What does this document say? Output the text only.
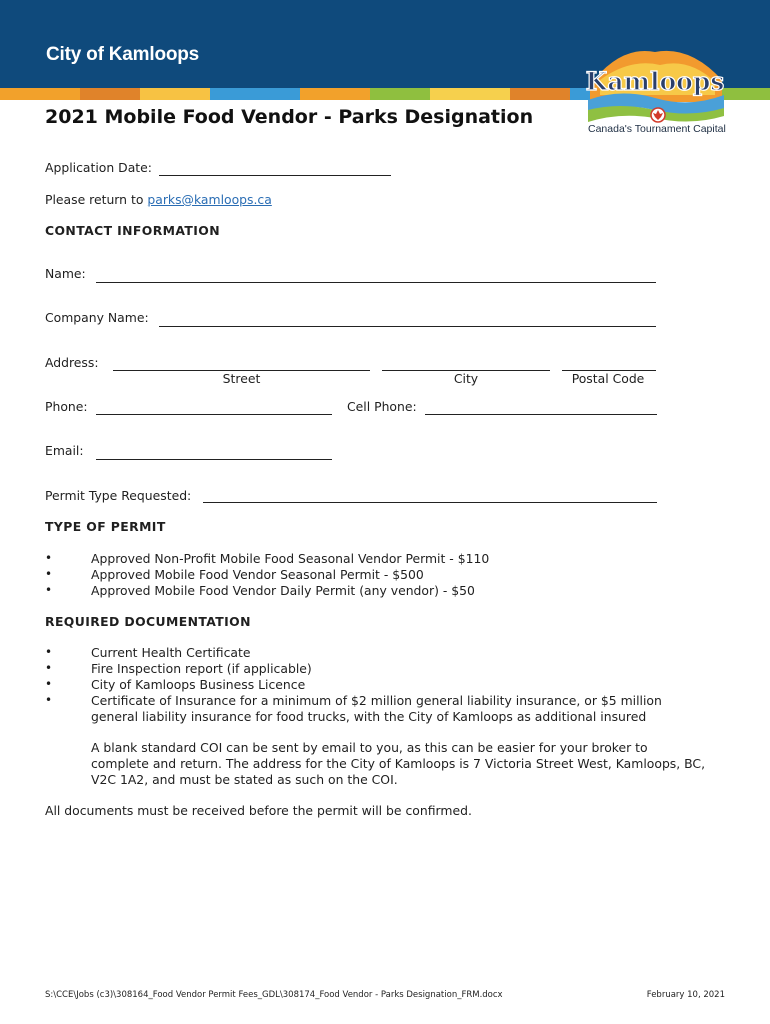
City of Kamloops
Kamloops
Canada's Tournament Capital
2021 Mobile Food Vendor - Parks Designation
Application Date:
Please return to parks@kamloops.ca
CONTACT INFORMATION
Name:
Company Name:
Address:
Street	City	Postal Code
Phone:	Cell Phone:
Email:
Permit Type Requested:
TYPE OF PERMIT
•	Approved Non-Profit Mobile Food Seasonal Vendor Permit - $110
•	Approved Mobile Food Vendor Seasonal Permit - $500
•	Approved Mobile Food Vendor Daily Permit (any vendor) - $50
REQUIRED DOCUMENTATION
•	Current Health Certificate
•	Fire Inspection report (if applicable)
•	City of Kamloops Business Licence
•	Certificate of Insurance for a minimum of $2 million general liability insurance, or $5 million
general liability insurance for food trucks, with the City of Kamloops as additional insured
A blank standard COI can be sent by email to you, as this can be easier for your broker to
complete and return. The address for the City of Kamloops is 7 Victoria Street West, Kamloops, BC,
V2C 1A2, and must be stated as such on the COI.
All documents must be received before the permit will be confirmed.
S:\CCE\Jobs (c3)\308164_Food Vendor Permit Fees_GDL\308174_Food Vendor - Parks Designation_FRM.docx	February 10, 2021
